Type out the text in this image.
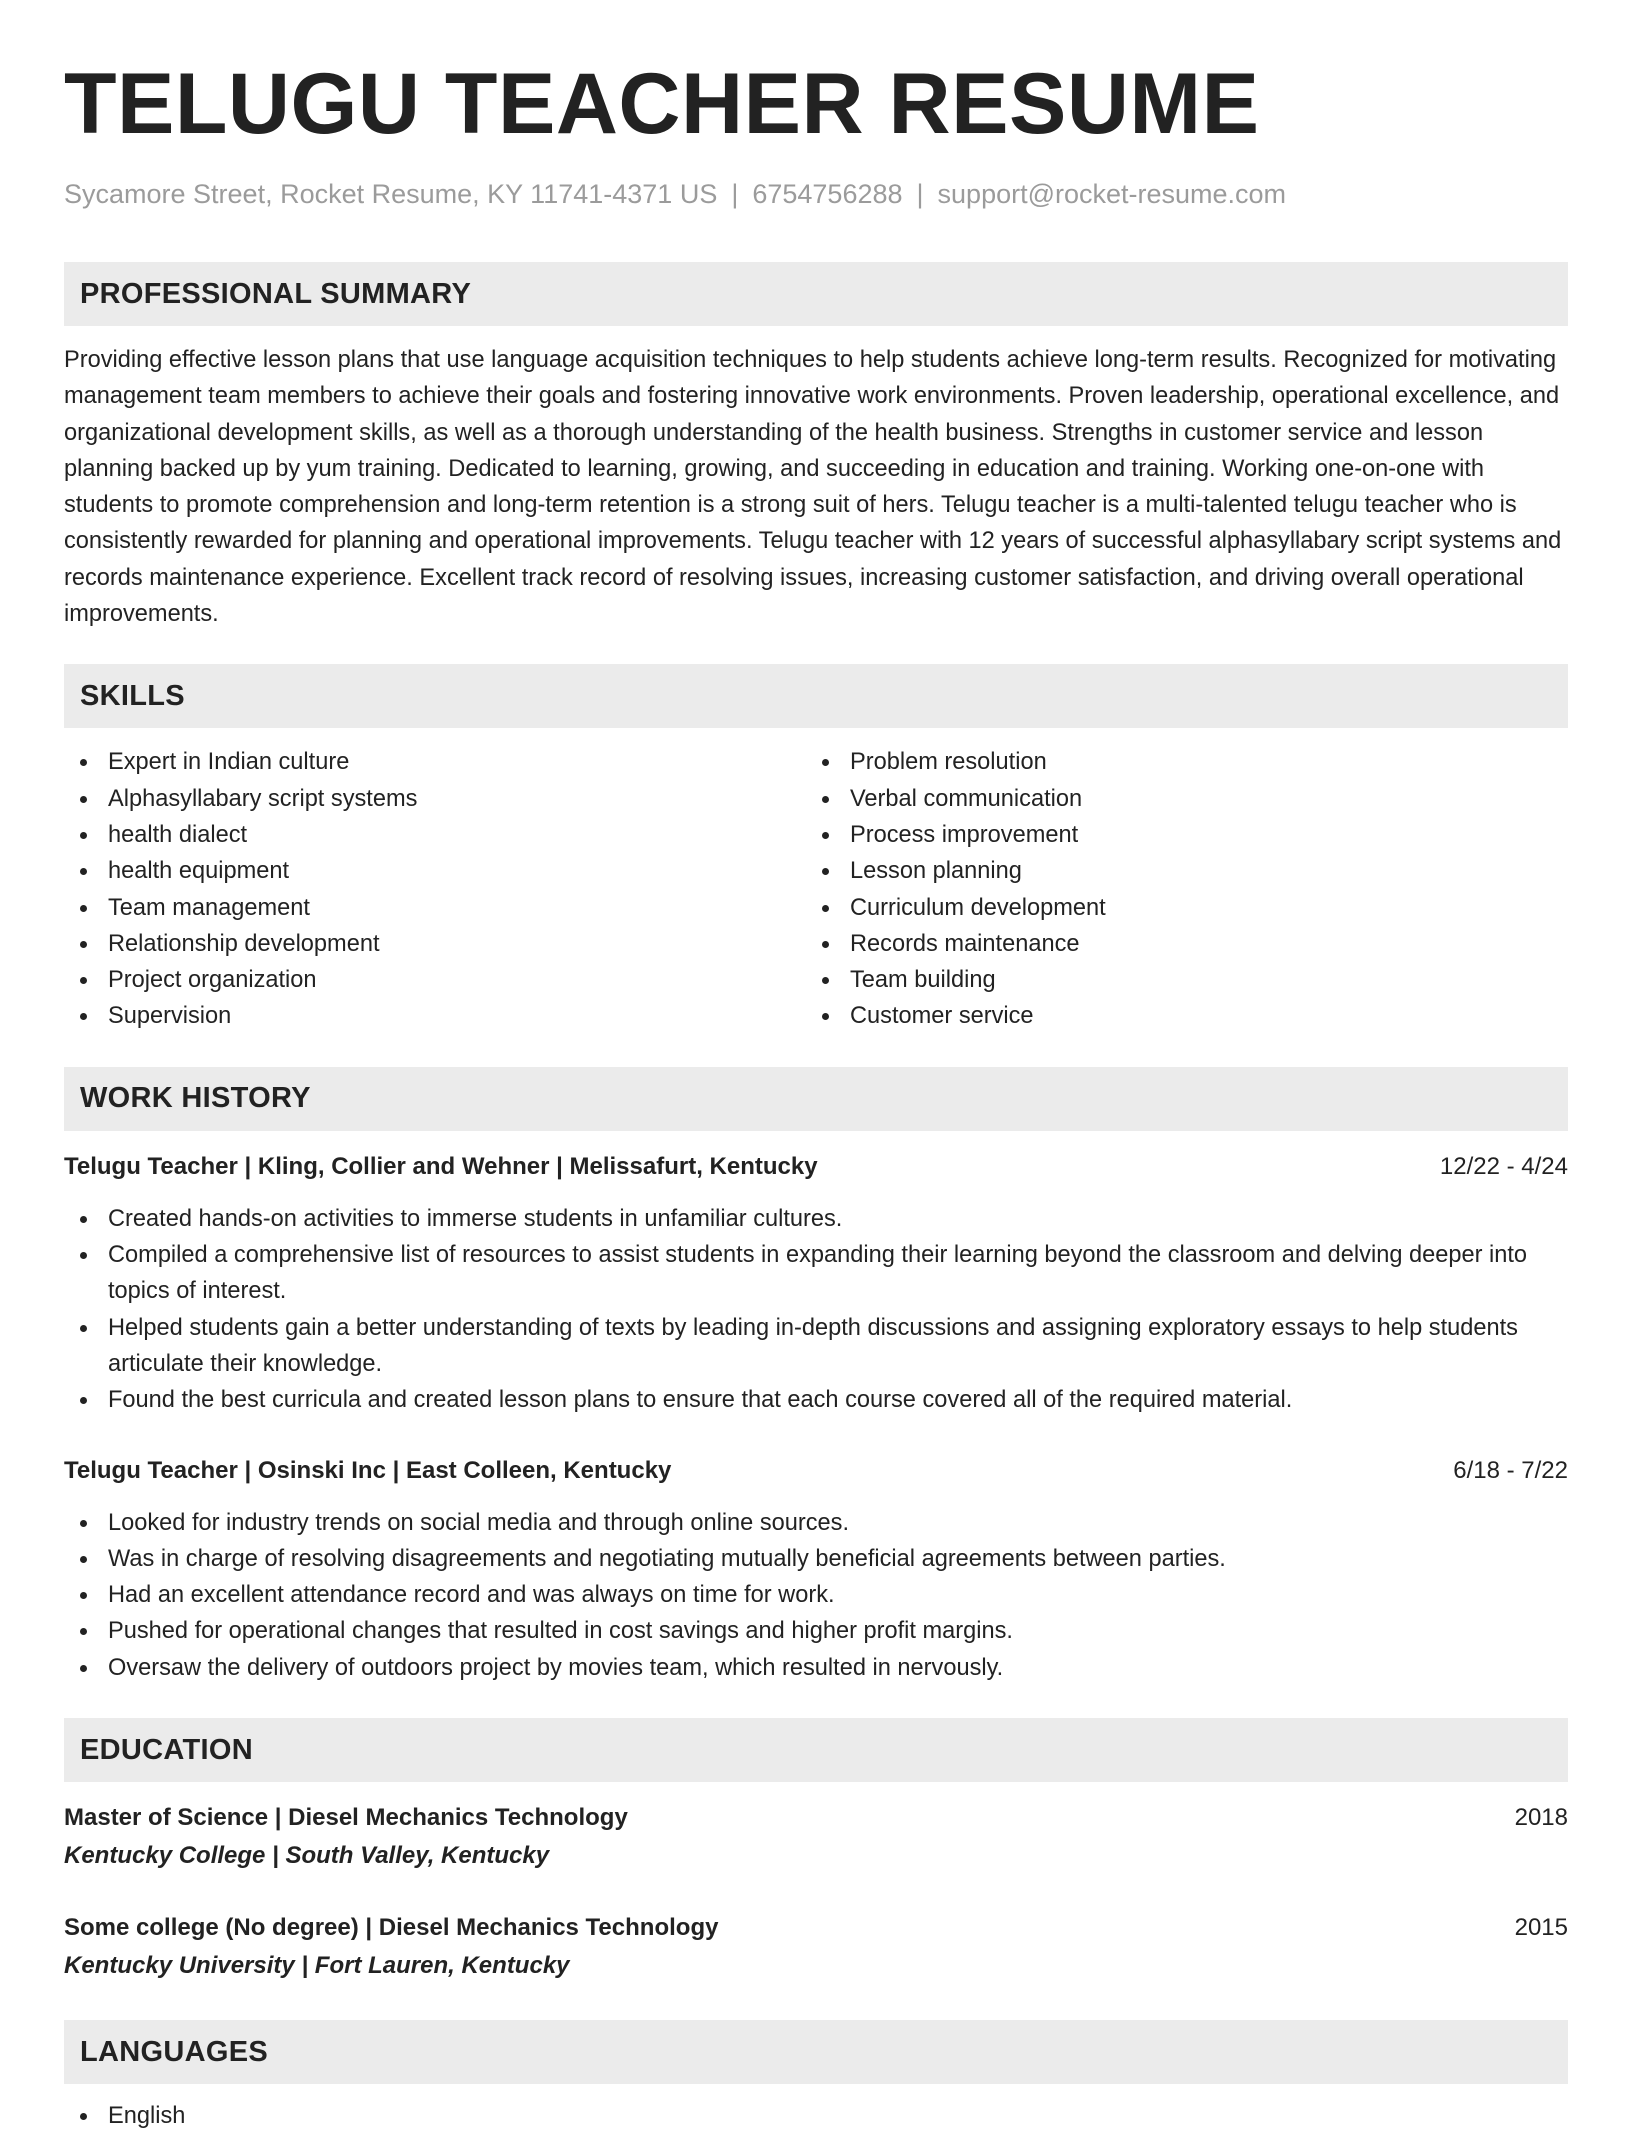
TELUGU TEACHER RESUME
Sycamore Street, Rocket Resume, KY 11741-4371 US | 6754756288 | support@rocket-resume.com
PROFESSIONAL SUMMARY

Providing effective lesson plans that use language acquisition techniques to help students achieve long-term results. Recognized for motivating management team members to achieve their goals and fostering innovative work environments. Proven leadership, operational excellence, and organizational development skills, as well as a thorough understanding of the health business. Strengths in customer service and lesson planning backed up by yum training. Dedicated to learning, growing, and succeeding in education and training. Working one-on-one with students to promote comprehension and long-term retention is a strong suit of hers. Telugu teacher is a multi-talented telugu teacher who is consistently rewarded for planning and operational improvements. Telugu teacher with 12 years of successful alphasyllabary script systems and records maintenance experience. Excellent track record of resolving issues, increasing customer satisfaction, and driving overall operational improvements.

SKILLS
Expert in Indian culture
Alphasyllabary script systems
health dialect
health equipment
Team management
Relationship development
Project organization
Supervision
Problem resolution
Verbal communication
Process improvement
Lesson planning
Curriculum development
Records maintenance
Team building
Customer service
WORK HISTORY
Telugu Teacher | Kling, Collier and Wehner | Melissafurt, Kentucky	12/22 - 4/24
Created hands-on activities to immerse students in unfamiliar cultures.
Compiled a comprehensive list of resources to assist students in expanding their learning beyond the classroom and delving deeper into topics of interest.
Helped students gain a better understanding of texts by leading in-depth discussions and assigning exploratory essays to help students articulate their knowledge.
Found the best curricula and created lesson plans to ensure that each course covered all of the required material.
Telugu Teacher | Osinski Inc | East Colleen, Kentucky	6/18 - 7/22
Looked for industry trends on social media and through online sources.
Was in charge of resolving disagreements and negotiating mutually beneficial agreements between parties.
Had an excellent attendance record and was always on time for work.
Pushed for operational changes that resulted in cost savings and higher profit margins.
Oversaw the delivery of outdoors project by movies team, which resulted in nervously.
EDUCATION
Master of Science | Diesel Mechanics Technology	2018
Kentucky College | South Valley, Kentucky
Some college (No degree) | Diesel Mechanics Technology	2015
Kentucky University | Fort Lauren, Kentucky
LANGUAGES
English
